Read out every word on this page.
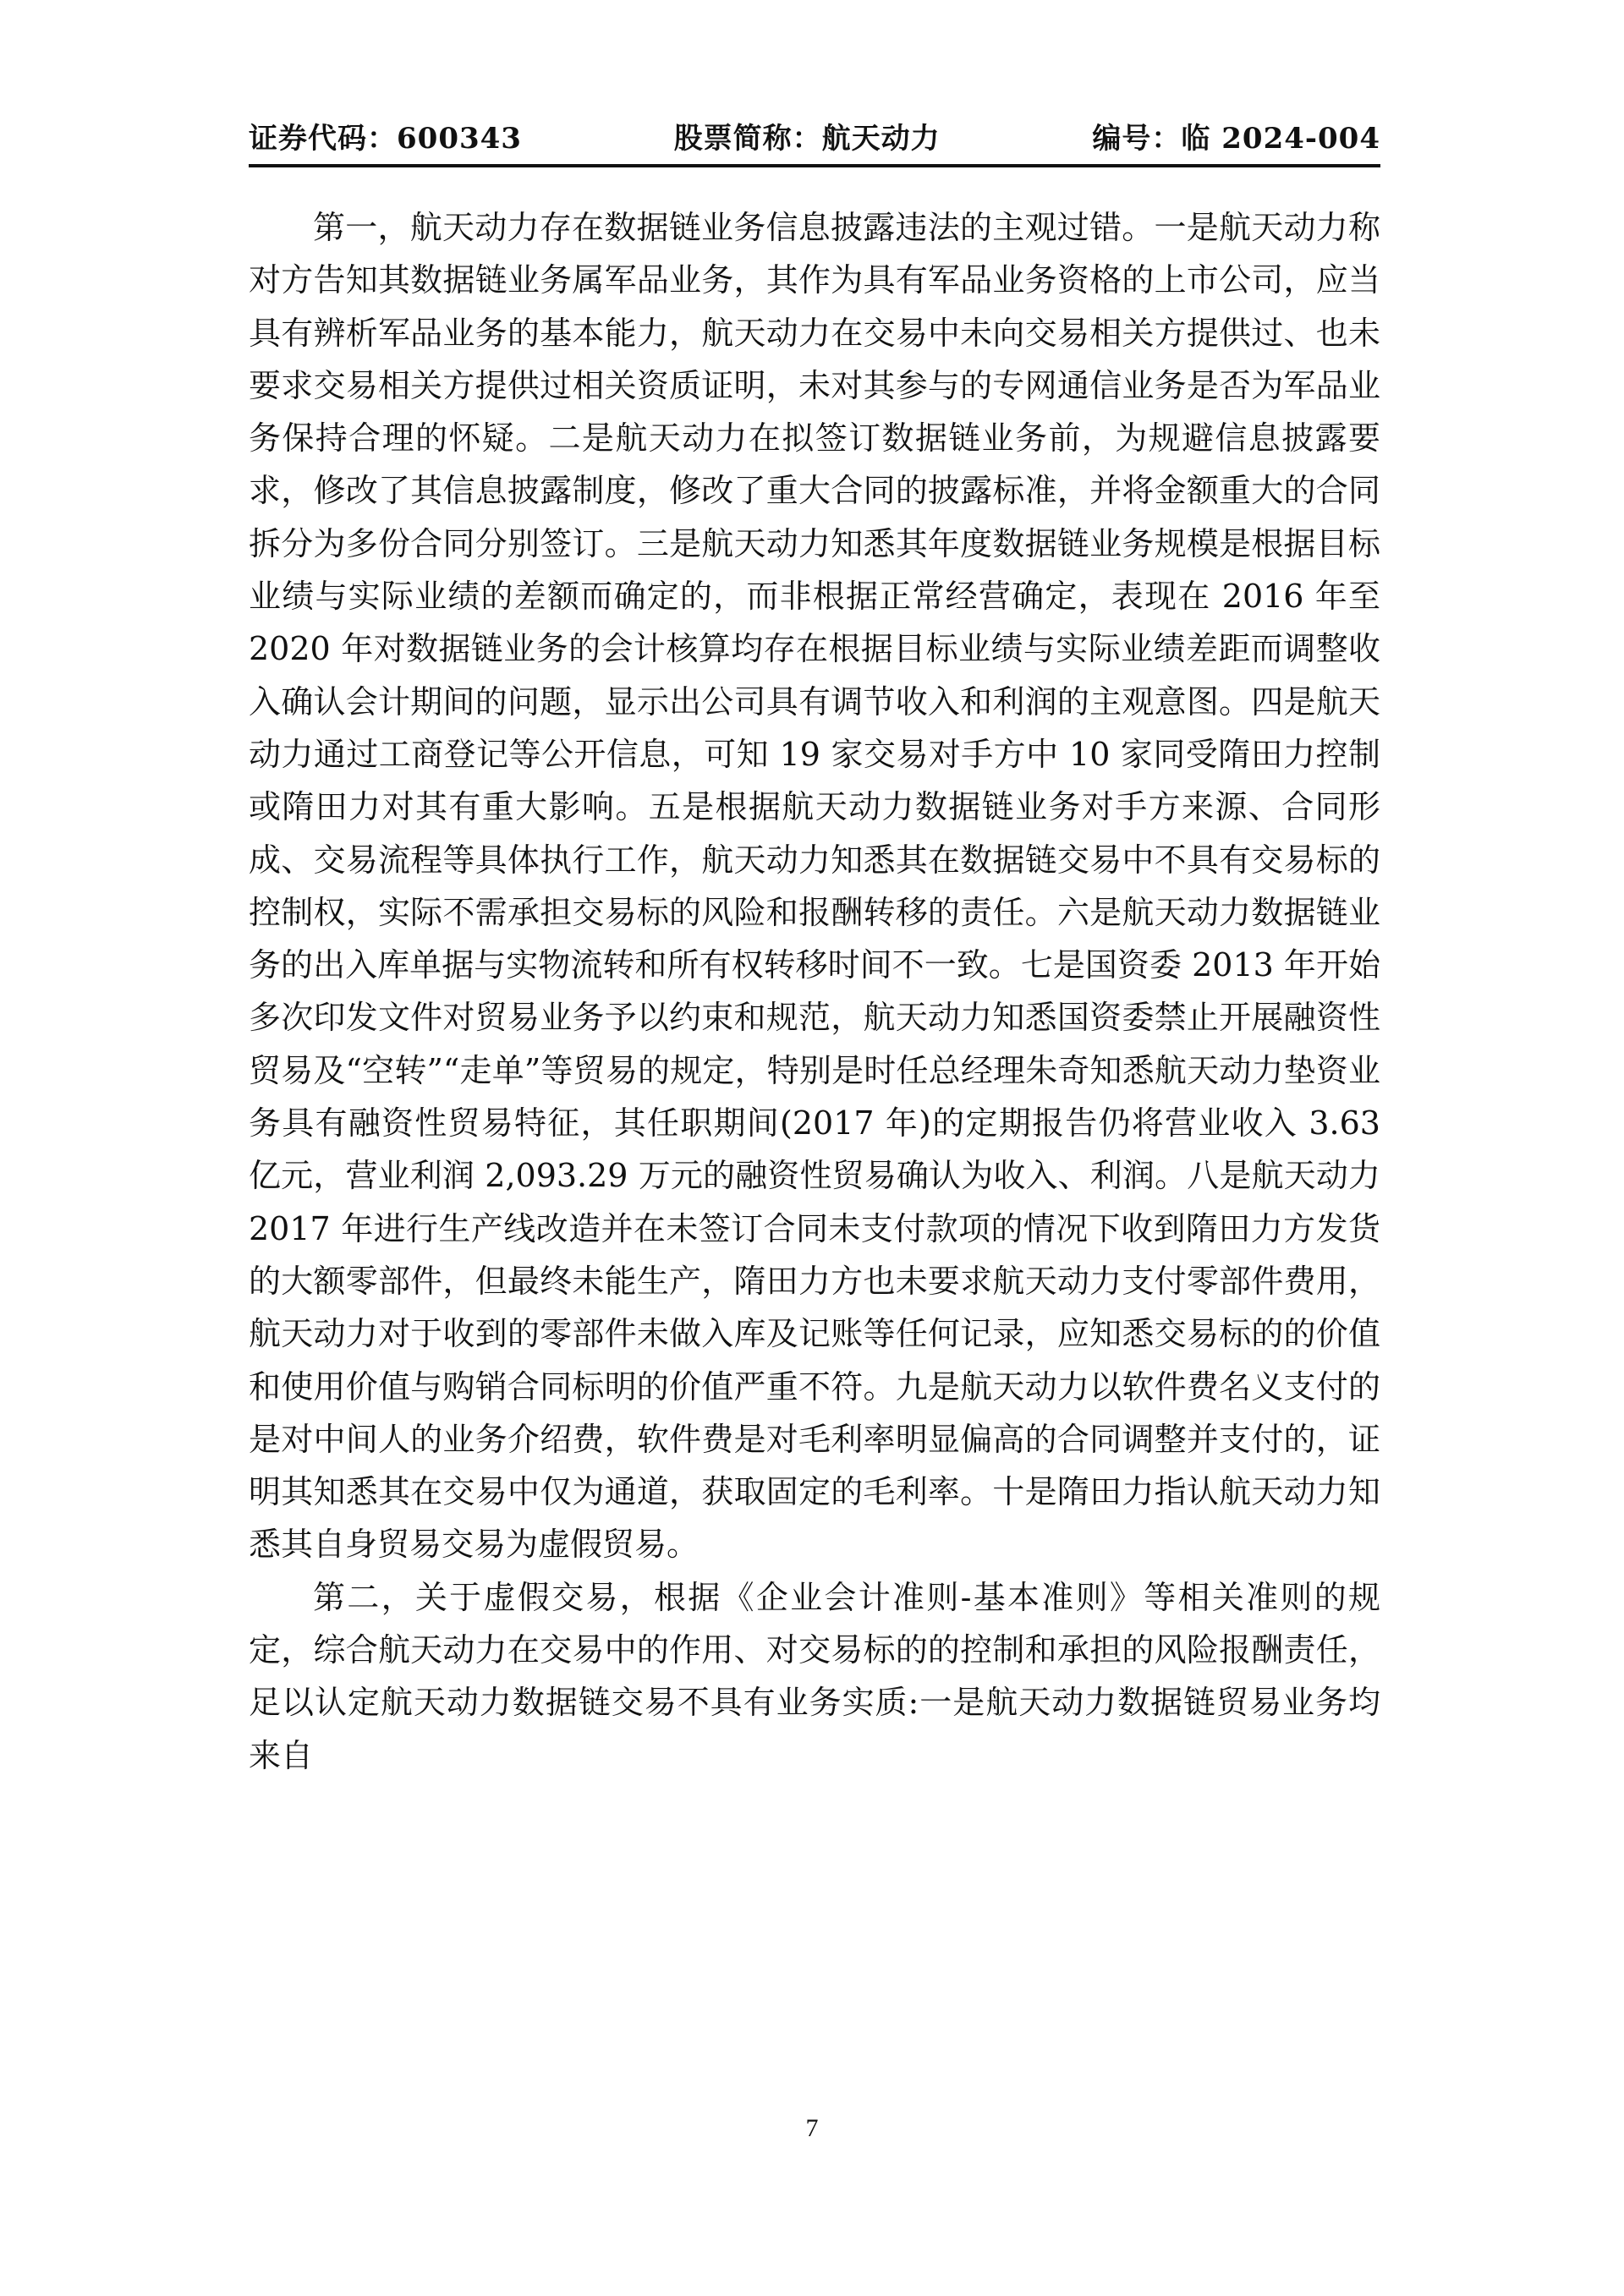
证券代码：600343	股票简称：航天动力	编号：临 2024-004

第一，航天动力存在数据链业务信息披露违法的主观过错。一是航天动力称对方告知其数据链业务属军品业务，其作为具有军品业务资格的上市公司，应当具有辨析军品业务的基本能力，航天动力在交易中未向交易相关方提供过、也未要求交易相关方提供过相关资质证明，未对其参与的专网通信业务是否为军品业务保持合理的怀疑。二是航天动力在拟签订数据链业务前，为规避信息披露要求，修改了其信息披露制度，修改了重大合同的披露标准，并将金额重大的合同拆分为多份合同分别签订。三是航天动力知悉其年度数据链业务规模是根据目标业绩与实际业绩的差额而确定的，而非根据正常经营确定，表现在 2016 年至 2020 年对数据链业务的会计核算均存在根据目标业绩与实际业绩差距而调整收入确认会计期间的问题，显示出公司具有调节收入和利润的主观意图。四是航天动力通过工商登记等公开信息，可知 19 家交易对手方中 10 家同受隋田力控制或隋田力对其有重大影响。五是根据航天动力数据链业务对手方来源、合同形成、交易流程等具体执行工作，航天动力知悉其在数据链交易中不具有交易标的控制权，实际不需承担交易标的风险和报酬转移的责任。六是航天动力数据链业务的出入库单据与实物流转和所有权转移时间不一致。七是国资委 2013 年开始多次印发文件对贸易业务予以约束和规范，航天动力知悉国资委禁止开展融资性贸易及“空转”“走单”等贸易的规定，特别是时任总经理朱奇知悉航天动力垫资业务具有融资性贸易特征，其任职期间(2017 年)的定期报告仍将营业收入 3.63 亿元，营业利润 2,093.29 万元的融资性贸易确认为收入、利润。八是航天动力 2017 年进行生产线改造并在未签订合同未支付款项的情况下收到隋田力方发货的大额零部件，但最终未能生产，隋田力方也未要求航天动力支付零部件费用，航天动力对于收到的零部件未做入库及记账等任何记录，应知悉交易标的的价值和使用价值与购销合同标明的价值严重不符。九是航天动力以软件费名义支付的是对中间人的业务介绍费，软件费是对毛利率明显偏高的合同调整并支付的，证明其知悉其在交易中仅为通道，获取固定的毛利率。十是隋田力指认航天动力知悉其自身贸易交易为虚假贸易。

第二，关于虚假交易，根据《企业会计准则-基本准则》等相关准则的规定，综合航天动力在交易中的作用、对交易标的的控制和承担的风险报酬责任，足以认定航天动力数据链交易不具有业务实质:一是航天动力数据链贸易业务均来自

7
